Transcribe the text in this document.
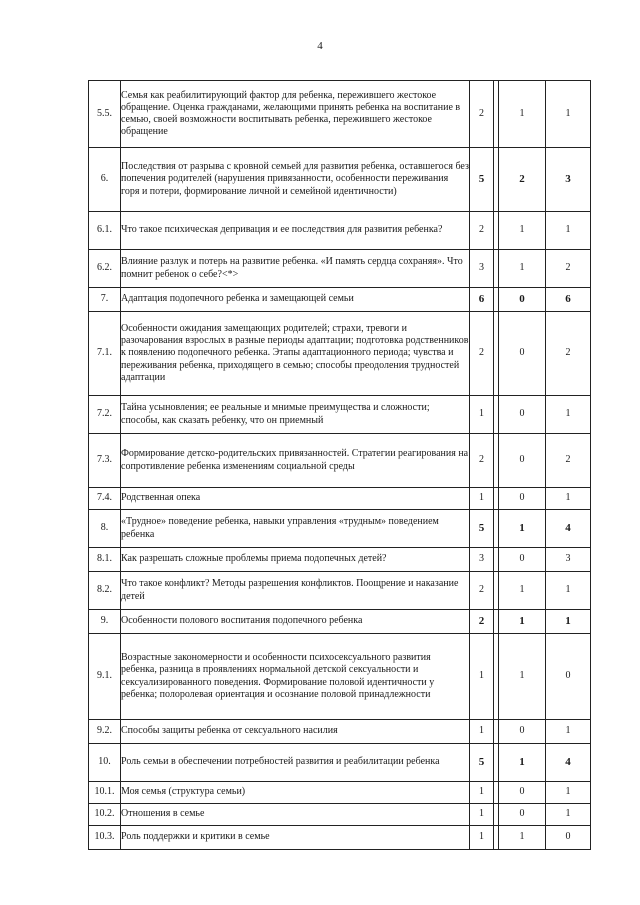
4
5.5.	Семья как реабилитирующий фактор для ребенка, пережившего жестокое обращение. Оценка гражданами, желающими принять ребенка на воспитание в семью, своей возможности воспитывать ребенка, пережившего жестокое обращение	2		1	1
6.	Последствия от разрыва с кровной семьей для развития ребенка, оставшегося без попечения родителей (нарушения привязанности, особенности переживания горя и потери, формирование личной и семейной идентичности)	5		2	3
6.1.	Что такое психическая депривация и ее последствия для развития ребенка?	2		1	1
6.2.	Влияние разлук и потерь на развитие ребенка. «И память сердца сохраняя». Что помнит ребенок о себе?<*>	3		1	2
7.	Адаптация подопечного ребенка и замещающей семьи	6		0	6
7.1.	Особенности ожидания замещающих родителей; страхи, тревоги и разочарования взрослых в разные периоды адаптации; подготовка родственников к появлению подопечного ребенка. Этапы адаптационного периода; чувства и переживания ребенка, приходящего в семью; способы преодоления трудностей адаптации	2		0	2
7.2.	Тайна усыновления; ее реальные и мнимые преимущества и сложности; способы, как сказать ребенку, что он приемный	1		0	1
7.3.	Формирование детско-родительских привязанностей. Стратегии реагирования на сопротивление ребенка изменениям социальной среды	2		0	2
7.4.	Родственная опека	1		0	1
8.	«Трудное» поведение ребенка, навыки управления «трудным» поведением ребенка	5		1	4
8.1.	Как разрешать сложные проблемы приема подопечных детей?	3		0	3
8.2.	Что такое конфликт? Методы разрешения конфликтов. Поощрение и наказание детей	2		1	1
9.	Особенности полового воспитания подопечного ребенка	2		1	1
9.1.	Возрастные закономерности и особенности психосексуального развития ребенка, разница в проявлениях нормальной детской сексуальности и сексуализированного поведения. Формирование половой идентичности у ребенка; полоролевая ориентация и осознание половой принадлежности	1		1	0
9.2.	Способы защиты ребенка от сексуального насилия	1		0	1
10.	Роль семьи в обеспечении потребностей развития и реабилитации ребенка	5		1	4
10.1.	Моя семья (структура семьи)	1		0	1
10.2.	Отношения в семье	1		0	1
10.3.	Роль поддержки и критики в семье	1		1	0
